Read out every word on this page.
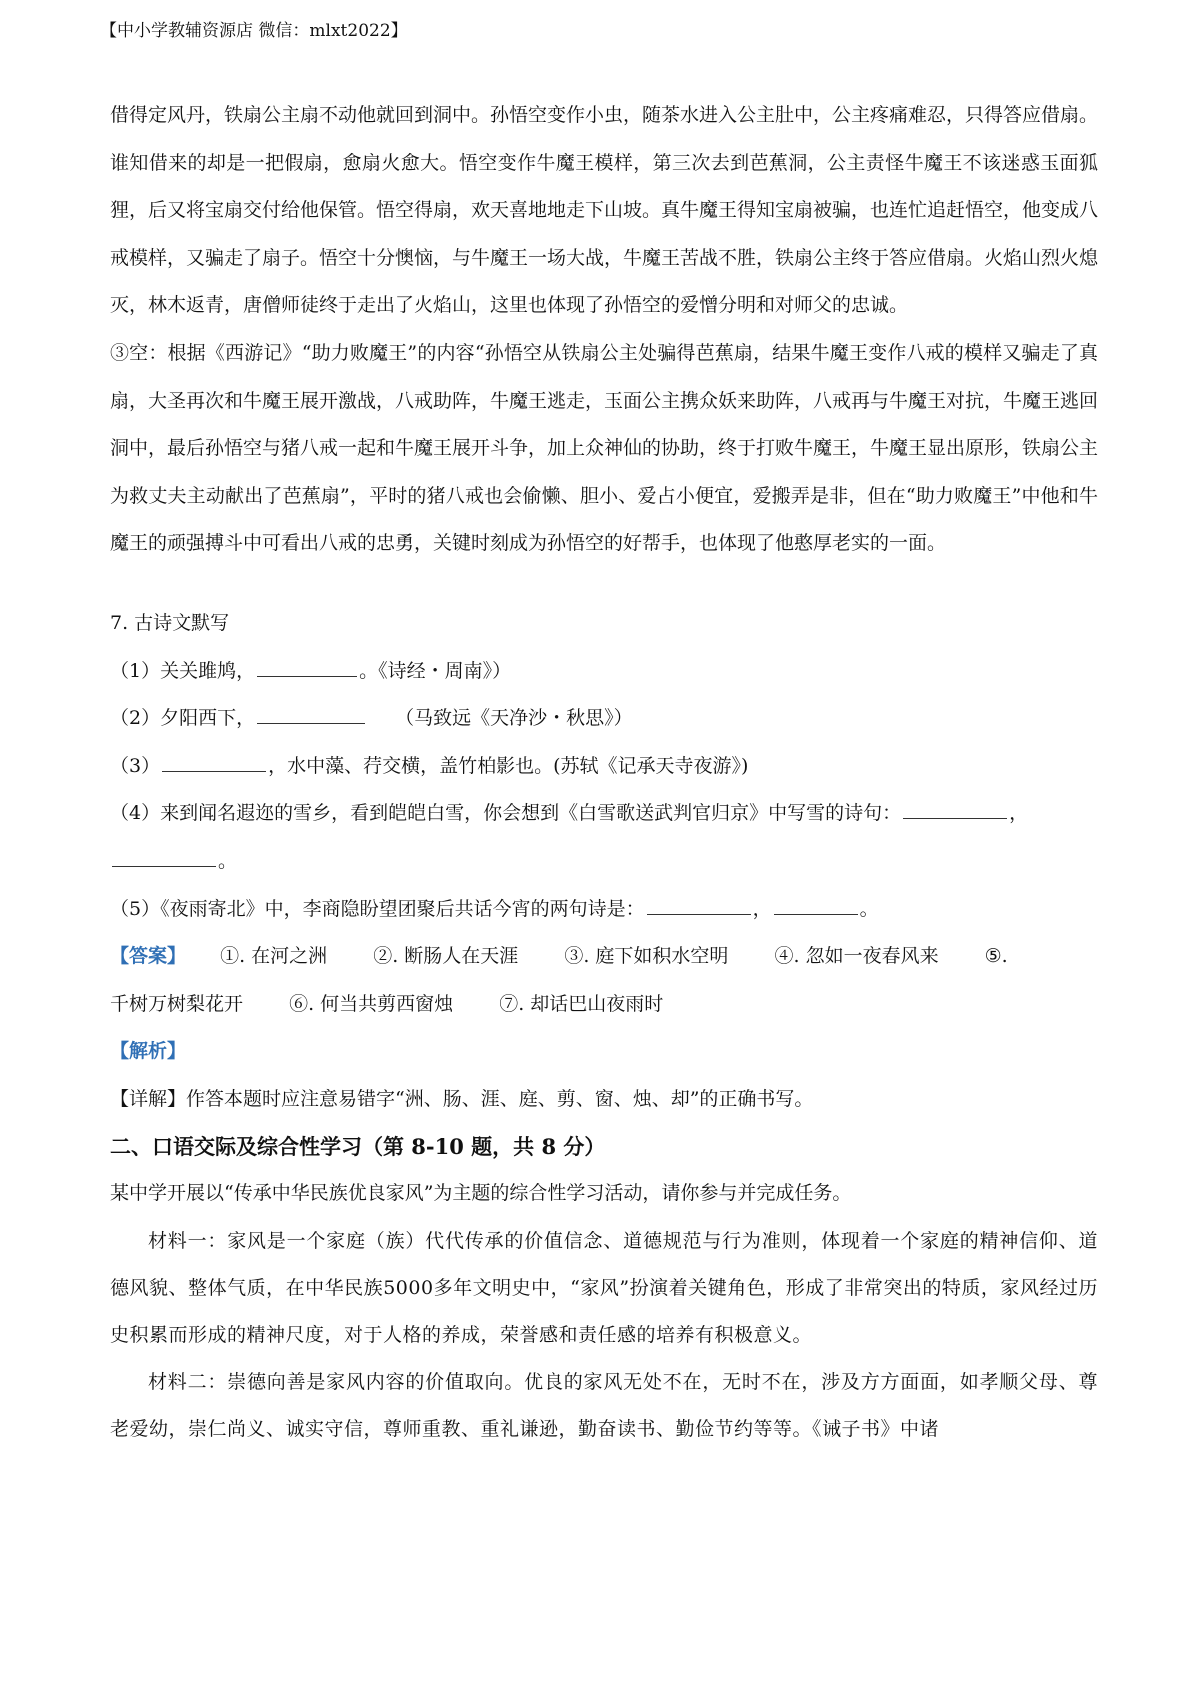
【中小学教辅资源店 微信：mlxt2022】

借得定风丹，铁扇公主扇不动他就回到洞中。孙悟空变作小虫，随茶水进入公主肚中，公主疼痛难忍，只得答应借扇。谁知借来的却是一把假扇，愈扇火愈大。悟空变作牛魔王模样，第三次去到芭蕉洞，公主责怪牛魔王不该迷惑玉面狐狸，后又将宝扇交付给他保管。悟空得扇，欢天喜地地走下山坡。真牛魔王得知宝扇被骗，也连忙追赶悟空，他变成八戒模样，又骗走了扇子。悟空十分懊恼，与牛魔王一场大战，牛魔王苦战不胜，铁扇公主终于答应借扇。火焰山烈火熄灭，林木返青，唐僧师徒终于走出了火焰山，这里也体现了孙悟空的爱憎分明和对师父的忠诚。

③空：根据《西游记》“助力败魔王”的内容“孙悟空从铁扇公主处骗得芭蕉扇，结果牛魔王变作八戒的模样又骗走了真扇，大圣再次和牛魔王展开激战，八戒助阵，牛魔王逃走，玉面公主携众妖来助阵，八戒再与牛魔王对抗，牛魔王逃回洞中，最后孙悟空与猪八戒一起和牛魔王展开斗争，加上众神仙的协助，终于打败牛魔王，牛魔王显出原形，铁扇公主为救丈夫主动献出了芭蕉扇”，平时的猪八戒也会偷懒、胆小、爱占小便宜，爱搬弄是非，但在“助力败魔王”中他和牛魔王的顽强搏斗中可看出八戒的忠勇，关键时刻成为孙悟空的好帮手，也体现了他憨厚老实的一面。

7. 古诗文默写

（1）关关雎鸠，	。《诗经・周南》）

（2）夕阳西下，	（马致远《天净沙・秋思》）

（3）	，水中藻、荇交横，盖竹柏影也。(苏轼《记承天寺夜游》)

（4）来到闻名遐迩的雪乡，看到皑皑白雪，你会想到《白雪歌送武判官归京》中写雪的诗句：	，
。

（5）《夜雨寄北》中，李商隐盼望团聚后共话今宵的两句诗是：	，	。

【答案】 ①. 在河之洲 ②. 断肠人在天涯 ③. 庭下如积水空明 ④. 忽如一夜春风来 ⑤.

千树万树梨花开 ⑥. 何当共剪西窗烛 ⑦. 却话巴山夜雨时

【解析】

【详解】作答本题时应注意易错字“洲、肠、涯、庭、剪、窗、烛、却”的正确书写。

二、口语交际及综合性学习（第 8-10 题，共 8 分）

某中学开展以“传承中华民族优良家风”为主题的综合性学习活动，请你参与并完成任务。

材料一：家风是一个家庭（族）代代传承的价值信念、道德规范与行为准则，体现着一个家庭的精神信仰、道德风貌、整体气质，在中华民族5000多年文明史中，“家风”扮演着关键角色，形成了非常突出的特质，家风经过历史积累而形成的精神尺度，对于人格的养成，荣誉感和责任感的培养有积极意义。

材料二：崇德向善是家风内容的价值取向。优良的家风无处不在，无时不在，涉及方方面面，如孝顺父母、尊老爱幼，崇仁尚义、诚实守信，尊师重教、重礼谦逊，勤奋读书、勤俭节约等等。《诫子书》中诸
